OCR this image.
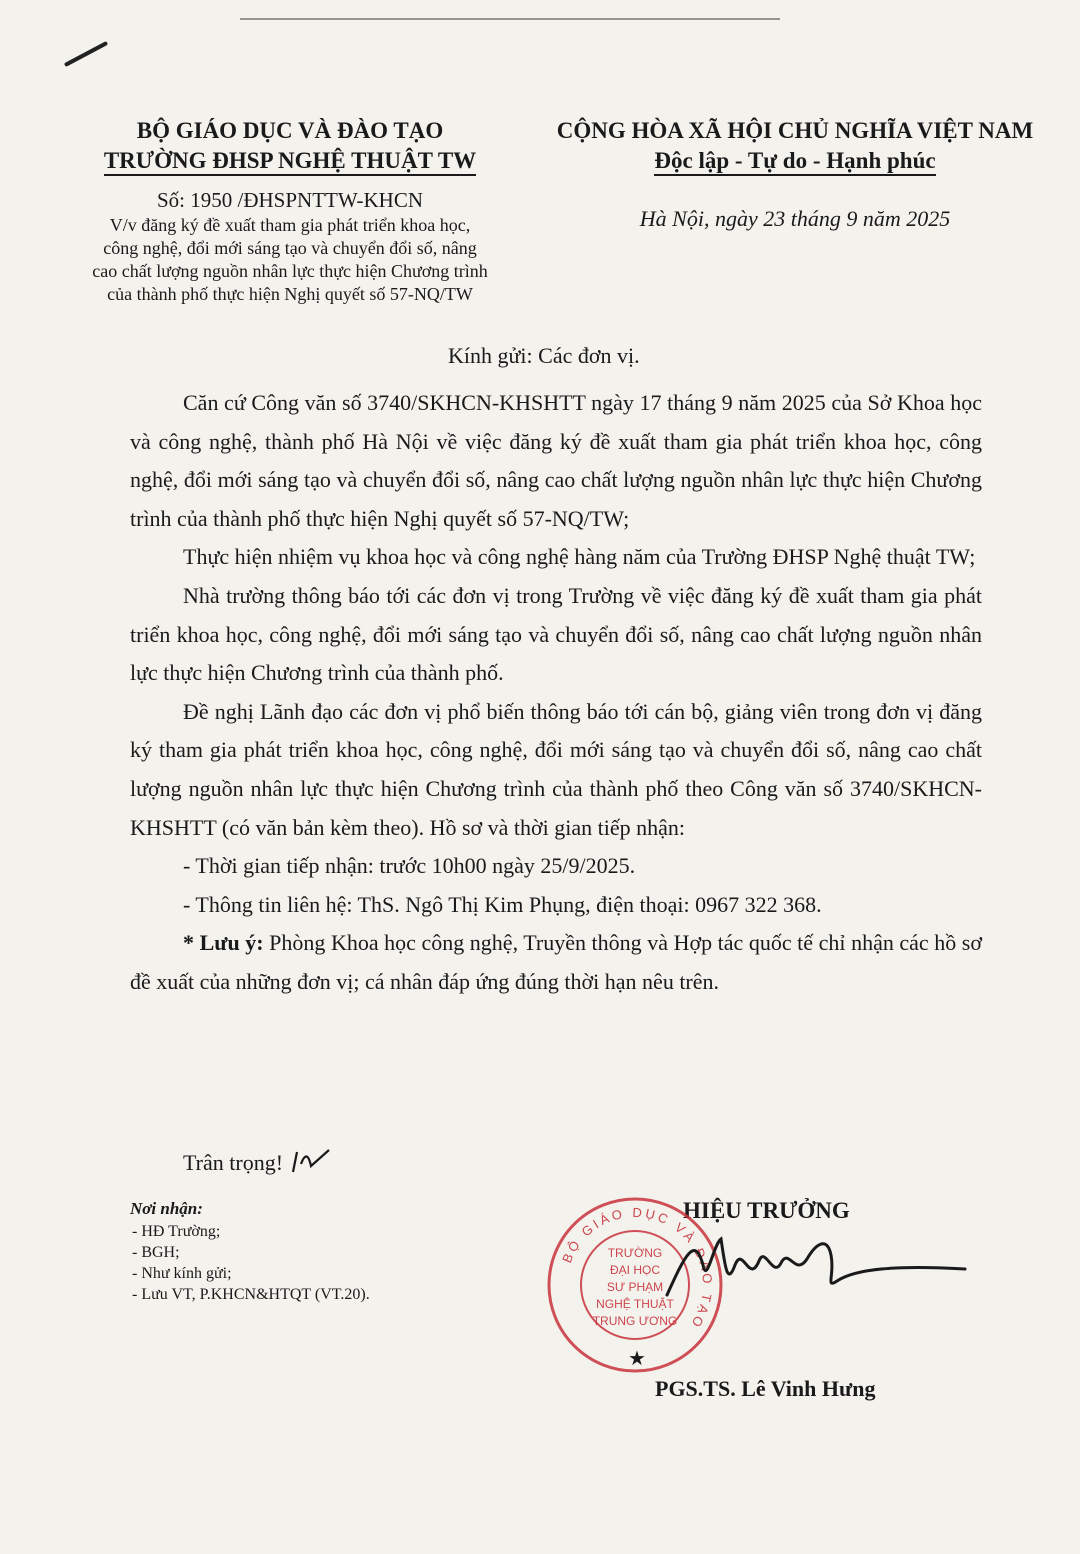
BỘ GIÁO DỤC VÀ ĐÀO TẠO
TRƯỜNG ĐHSP NGHỆ THUẬT TW
Số: 1950 /ĐHSPNTTW-KHCN
V/v đăng ký đề xuất tham gia phát triển khoa học,
công nghệ, đổi mới sáng tạo và chuyển đổi số, nâng
cao chất lượng nguồn nhân lực thực hiện Chương trình
của thành phố thực hiện Nghị quyết số 57-NQ/TW
CỘNG HÒA XÃ HỘI CHỦ NGHĨA VIỆT NAM
Độc lập - Tự do - Hạnh phúc
Hà Nội, ngày 23 tháng 9 năm 2025
Kính gửi: Các đơn vị.

Căn cứ Công văn số 3740/SKHCN-KHSHTT ngày 17 tháng 9 năm 2025 của Sở Khoa học và công nghệ, thành phố Hà Nội về việc đăng ký đề xuất tham gia phát triển khoa học, công nghệ, đổi mới sáng tạo và chuyển đổi số, nâng cao chất lượng nguồn nhân lực thực hiện Chương trình của thành phố thực hiện Nghị quyết số 57-NQ/TW;

Thực hiện nhiệm vụ khoa học và công nghệ hàng năm của Trường ĐHSP Nghệ thuật TW;

Nhà trường thông báo tới các đơn vị trong Trường về việc đăng ký đề xuất tham gia phát triển khoa học, công nghệ, đổi mới sáng tạo và chuyển đổi số, nâng cao chất lượng nguồn nhân lực thực hiện Chương trình của thành phố.

Đề nghị Lãnh đạo các đơn vị phổ biến thông báo tới cán bộ, giảng viên trong đơn vị đăng ký tham gia phát triển khoa học, công nghệ, đổi mới sáng tạo và chuyển đổi số, nâng cao chất lượng nguồn nhân lực thực hiện Chương trình của thành phố theo Công văn số 3740/SKHCN-KHSHTT (có văn bản kèm theo). Hồ sơ và thời gian tiếp nhận:

- Thời gian tiếp nhận: trước 10h00 ngày 25/9/2025.

- Thông tin liên hệ: ThS. Ngô Thị Kim Phụng, điện thoại: 0967 322 368.

* Lưu ý: Phòng Khoa học công nghệ, Truyền thông và Hợp tác quốc tế chỉ nhận các hồ sơ đề xuất của những đơn vị; cá nhân đáp ứng đúng thời hạn nêu trên.

Trân trọng!
Nơi nhận:
- HĐ Trường;
- BGH;
- Như kính gửi;
- Lưu VT, P.KHCN&HTQT (VT.20).
HIỆU TRƯỞNG
BỘ GIÁO DỤC VÀ ĐÀO TẠO
TRƯỜNG
ĐẠI HỌC
SƯ PHẠM
NGHỆ THUẬT
TRUNG ƯƠNG
★
PGS.TS. Lê Vinh Hưng
